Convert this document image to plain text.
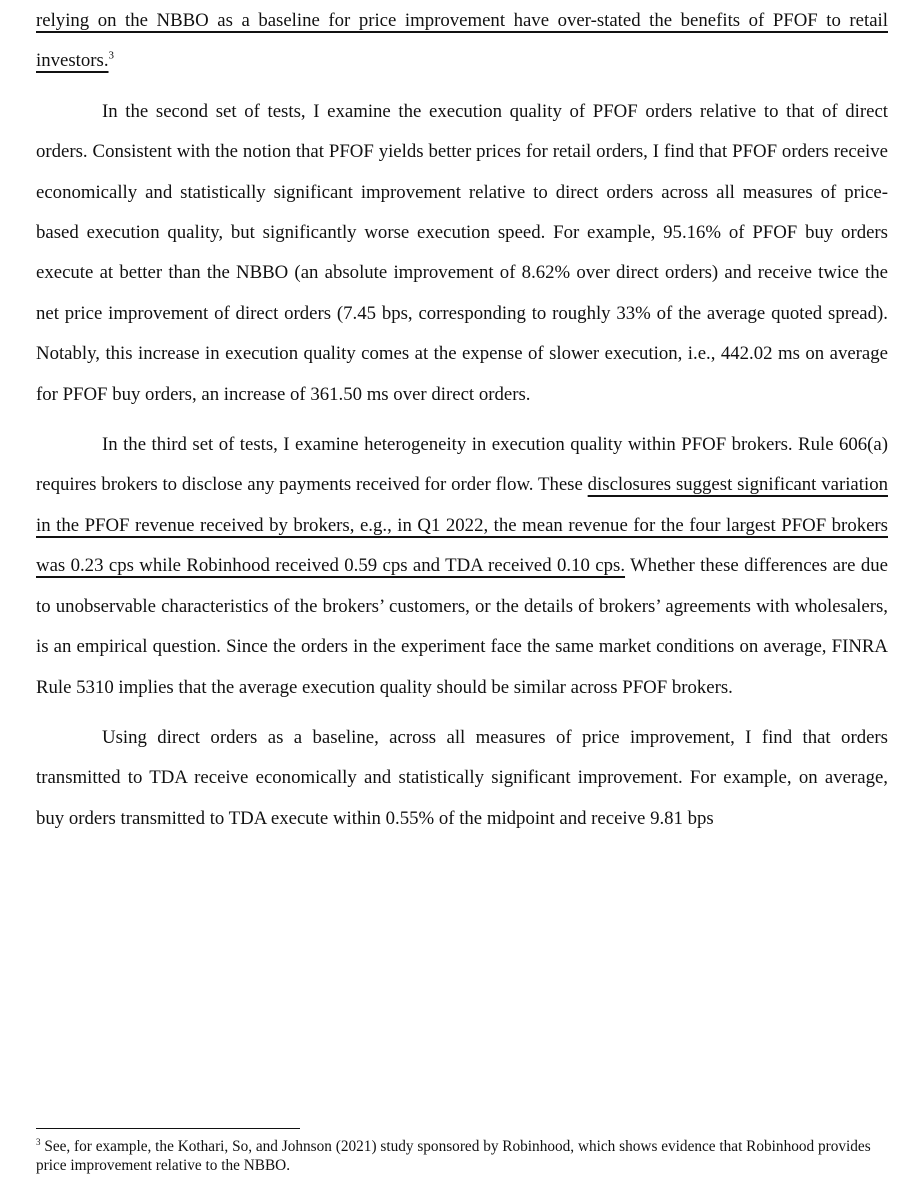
relying on the NBBO as a baseline for price improvement have over-stated the benefits of PFOF to retail investors.$^3$

In the second set of tests, I examine the execution quality of PFOF orders relative to that of direct orders. Consistent with the notion that PFOF yields better prices for retail orders, I find that PFOF orders receive economically and statistically significant improvement relative to direct orders across all measures of price-based execution quality, but significantly worse execution speed. For example, 95.16% of PFOF buy orders execute at better than the NBBO (an absolute improvement of 8.62% over direct orders) and receive twice the net price improvement of direct orders (7.45 bps, corresponding to roughly 33% of the average quoted spread). Notably, this increase in execution quality comes at the expense of slower execution, i.e., 442.02 ms on average for PFOF buy orders, an increase of 361.50 ms over direct orders.

In the third set of tests, I examine heterogeneity in execution quality within PFOF brokers. Rule 606(a) requires brokers to disclose any payments received for order flow. These disclosures suggest significant variation in the PFOF revenue received by brokers, e.g., in Q1 2022, the mean revenue for the four largest PFOF brokers was 0.23 cps while Robinhood received 0.59 cps and TDA received 0.10 cps. Whether these differences are due to unobservable characteristics of the brokers’ customers, or the details of brokers’ agreements with wholesalers, is an empirical question. Since the orders in the experiment face the same market conditions on average, FINRA Rule 5310 implies that the average execution quality should be similar across PFOF brokers.

Using direct orders as a baseline, across all measures of price improvement, I find that orders transmitted to TDA receive economically and statistically significant improvement. For example, on average, buy orders transmitted to TDA execute within 0.55% of the midpoint and receive 9.81 bps

$^3$ See, for example, the Kothari, So, and Johnson (2021) study sponsored by Robinhood, which shows evidence that Robinhood provides price improvement relative to the NBBO.
